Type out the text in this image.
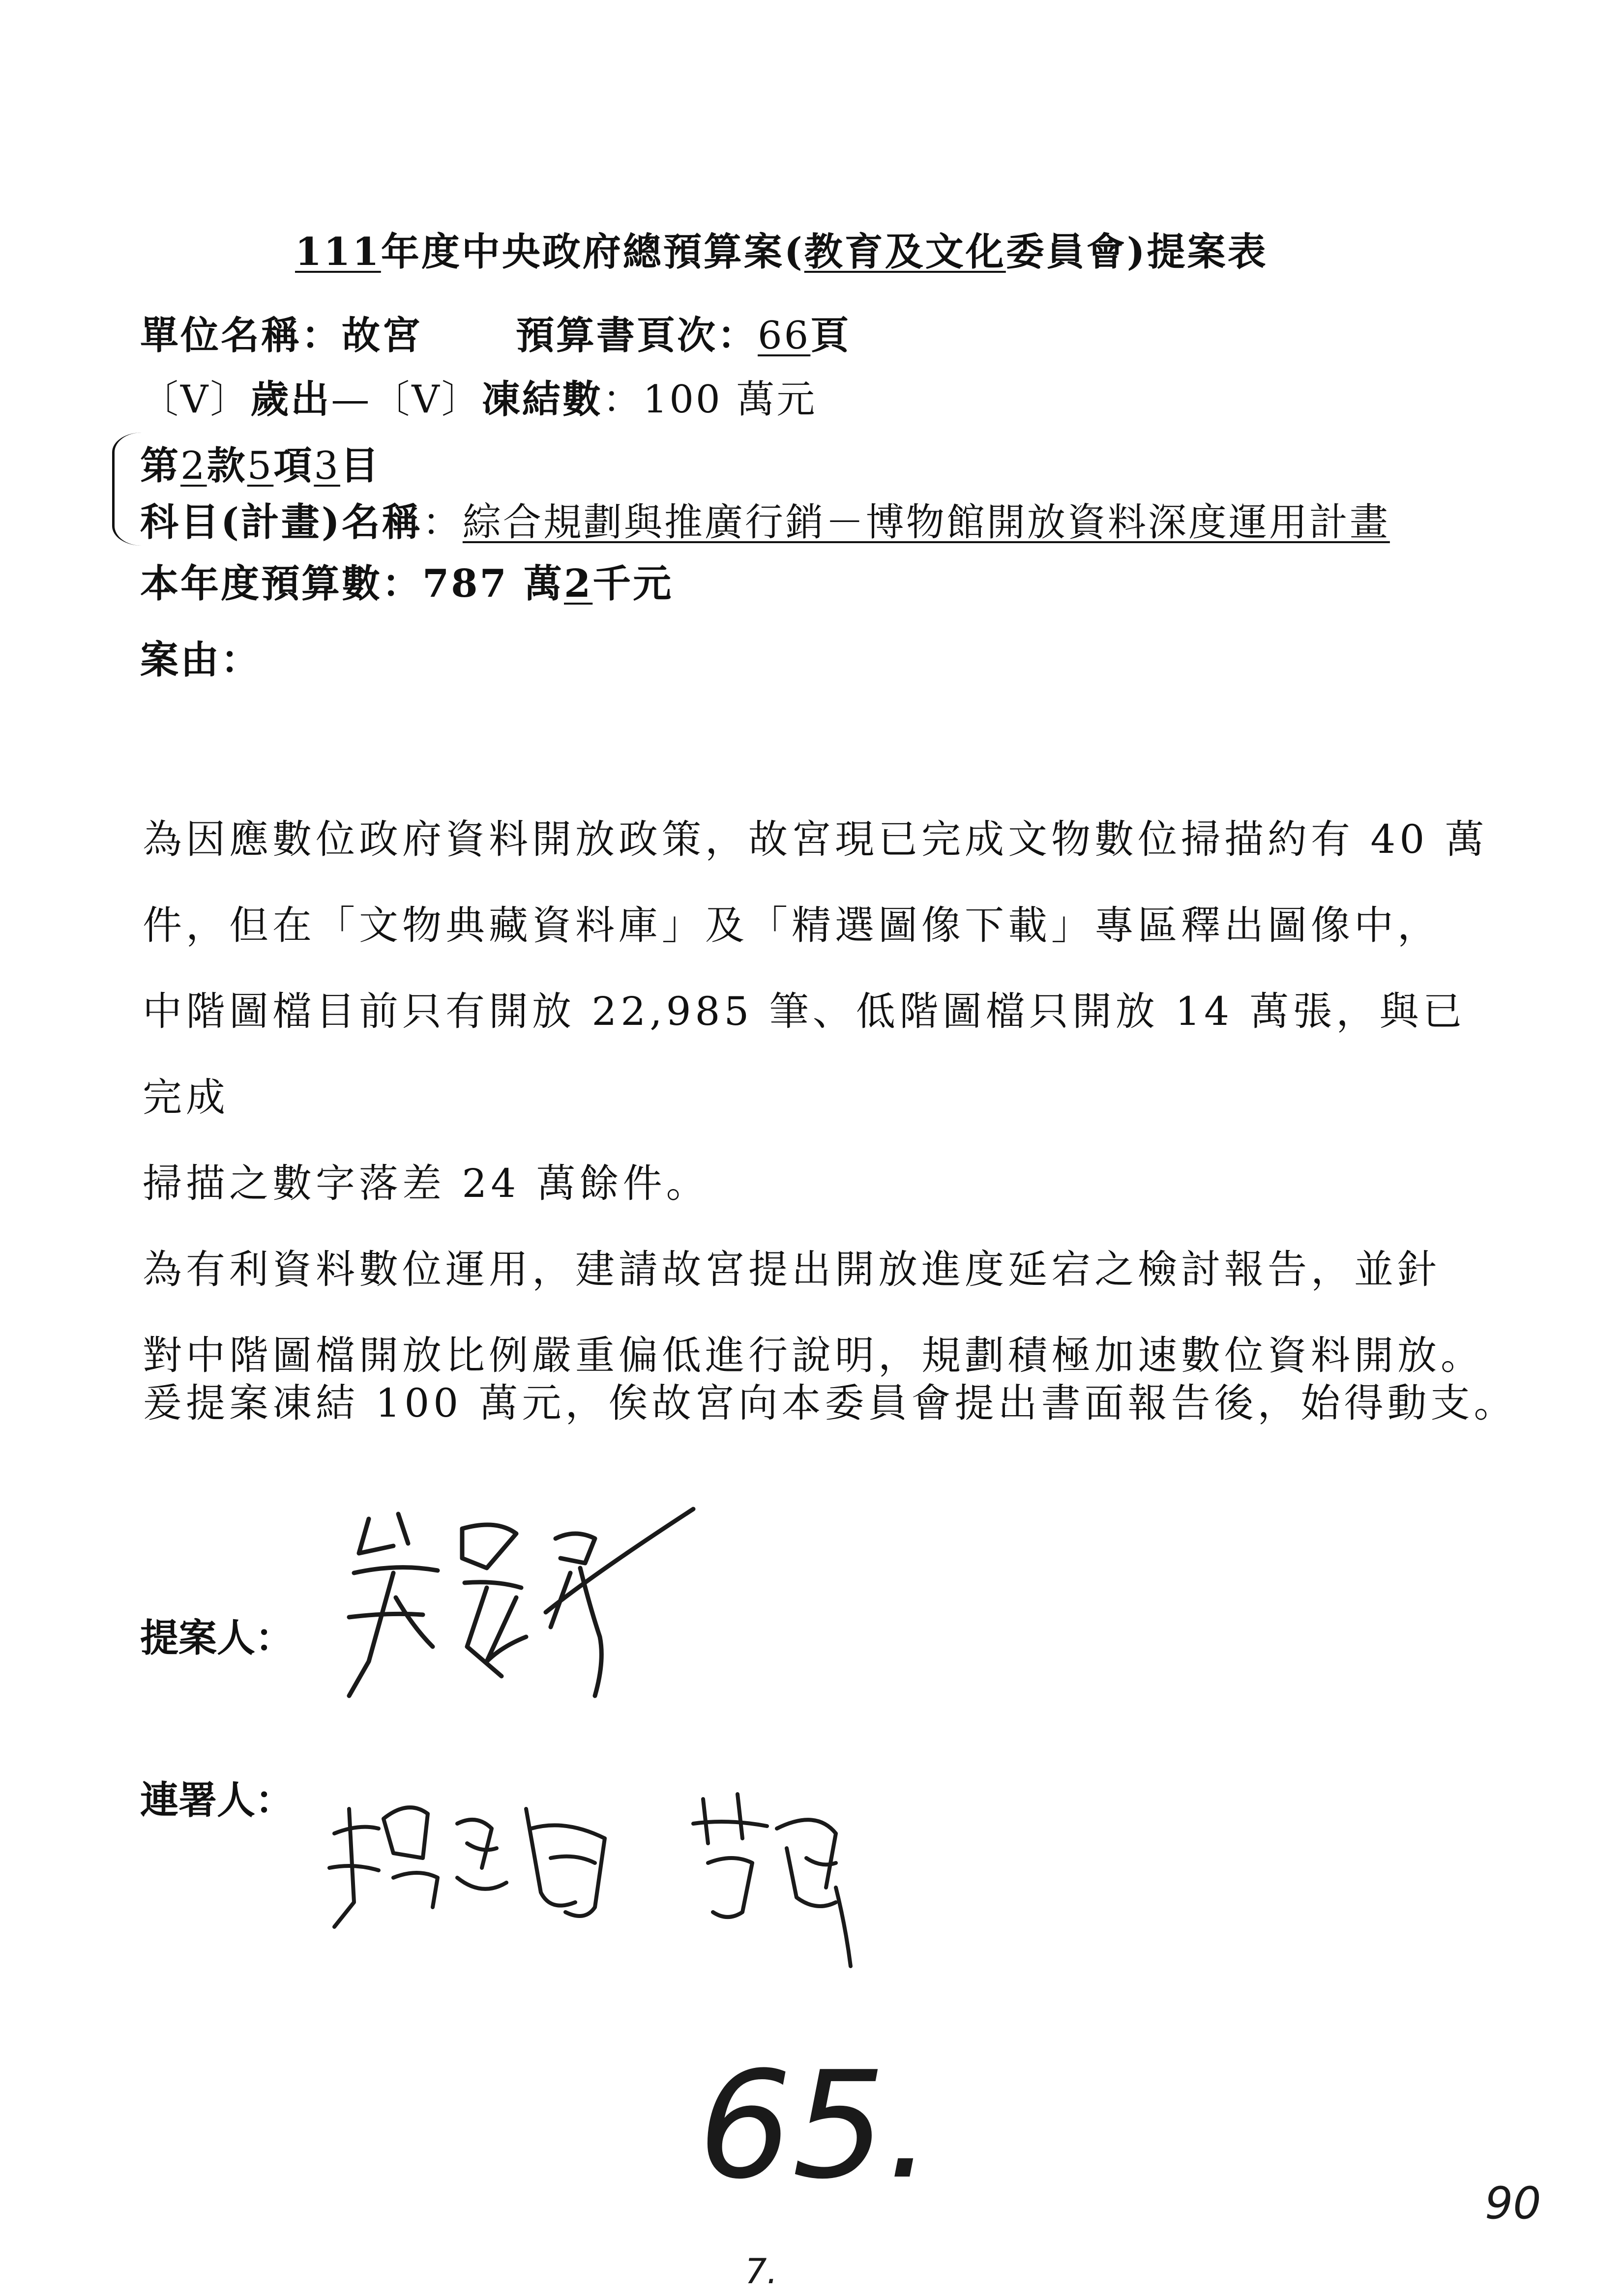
111年度中央政府總預算案(教育及文化委員會)提案表
單位名稱：故宮 預算書頁次：66頁
〔V〕歲出—〔V〕凍結數：100 萬元
第2款5項3目
科目(計畫)名稱：綜合規劃與推廣行銷－博物館開放資料深度運用計畫
本年度預算數：787 萬2千元
案由：

為因應數位政府資料開放政策，故宮現已完成文物數位掃描約有 40 萬

件，但在「文物典藏資料庫」及「精選圖像下載」專區釋出圖像中，

中階圖檔目前只有開放 22,985 筆、低階圖檔只開放 14 萬張，與已完成

掃描之數字落差 24 萬餘件。

為有利資料數位運用，建請故宮提出開放進度延宕之檢討報告，並針

對中階圖檔開放比例嚴重偏低進行說明，規劃積極加速數位資料開放。

爰提案凍結 100 萬元，俟故宮向本委員會提出書面報告後，始得動支。
提案人：
連署人：
65.	90
7.
